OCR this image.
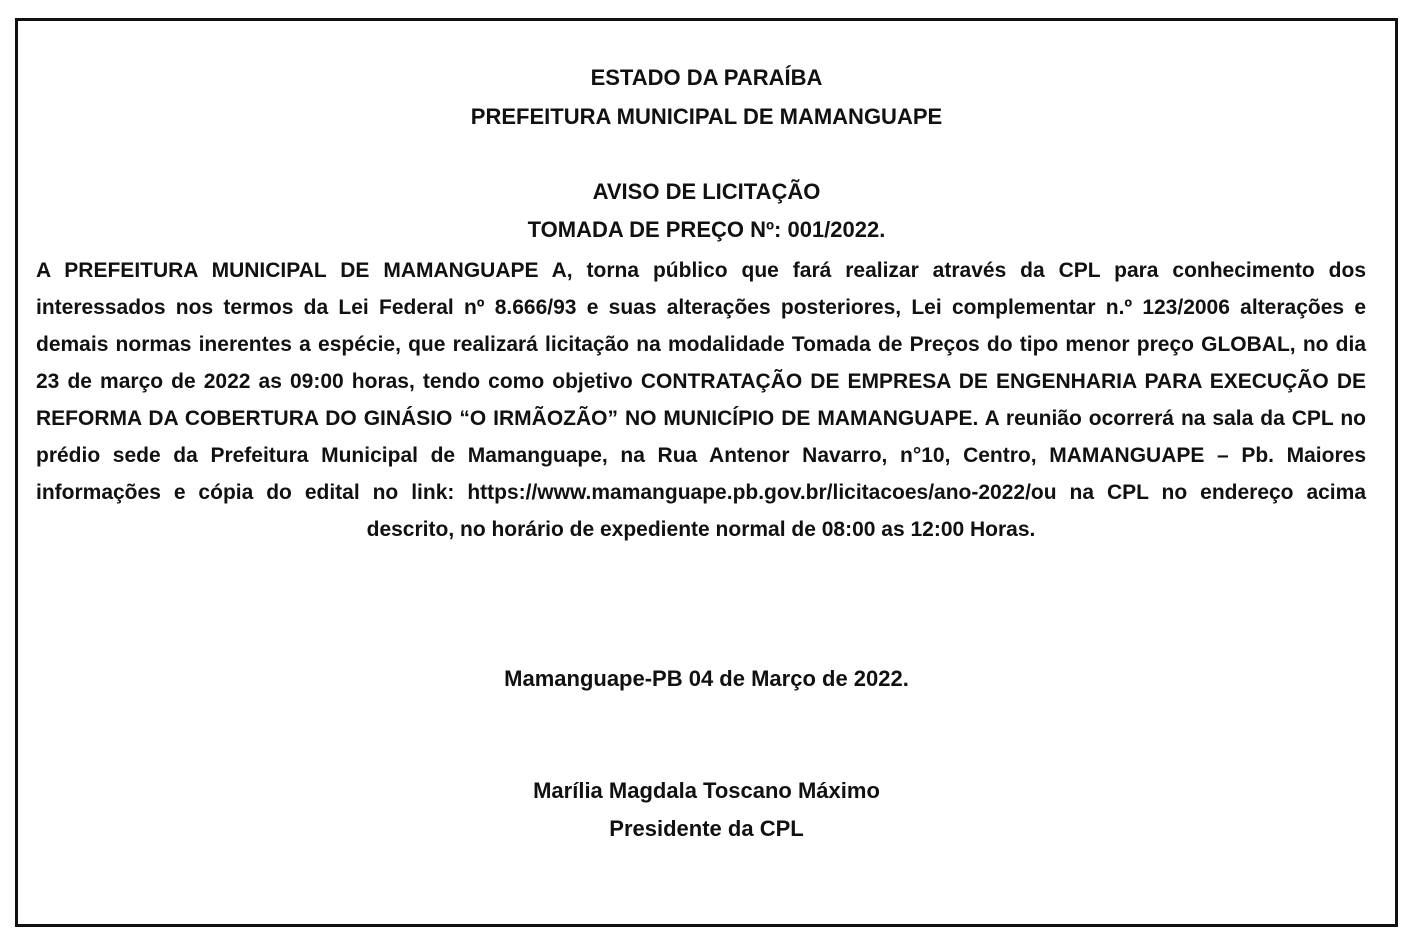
ESTADO DA PARAÍBA
PREFEITURA MUNICIPAL DE MAMANGUAPE
AVISO DE LICITAÇÃO
TOMADA DE PREÇO Nº: 001/2022.

A PREFEITURA MUNICIPAL DE MAMANGUAPE A, torna público que fará realizar através da CPL para conhecimento dos interessados nos termos da Lei Federal nº 8.666/93 e suas alterações posteriores, Lei complementar n.º 123/2006 alterações e demais normas inerentes a espécie, que realizará licitação na modalidade Tomada de Preços do tipo menor preço GLOBAL, no dia 23 de março de 2022 as 09:00 horas, tendo como objetivo CONTRATAÇÃO DE EMPRESA DE ENGENHARIA PARA EXECUÇÃO DE REFORMA DA COBERTURA DO GINÁSIO “O IRMÃOZÃO” NO MUNICÍPIO DE MAMANGUAPE. A reunião ocorrerá na sala da CPL no prédio sede da Prefeitura Municipal de Mamanguape, na Rua Antenor Navarro, n°10, Centro, MAMANGUAPE – Pb. Maiores informações e cópia do edital no link: https://www.mamanguape.pb.gov.br/licitacoes/ano-2022/ou na CPL no endereço acima descrito, no horário de expediente normal de 08:00 as 12:00 Horas.

Mamanguape-PB 04 de Março de 2022.
Marília Magdala Toscano Máximo
Presidente da CPL
